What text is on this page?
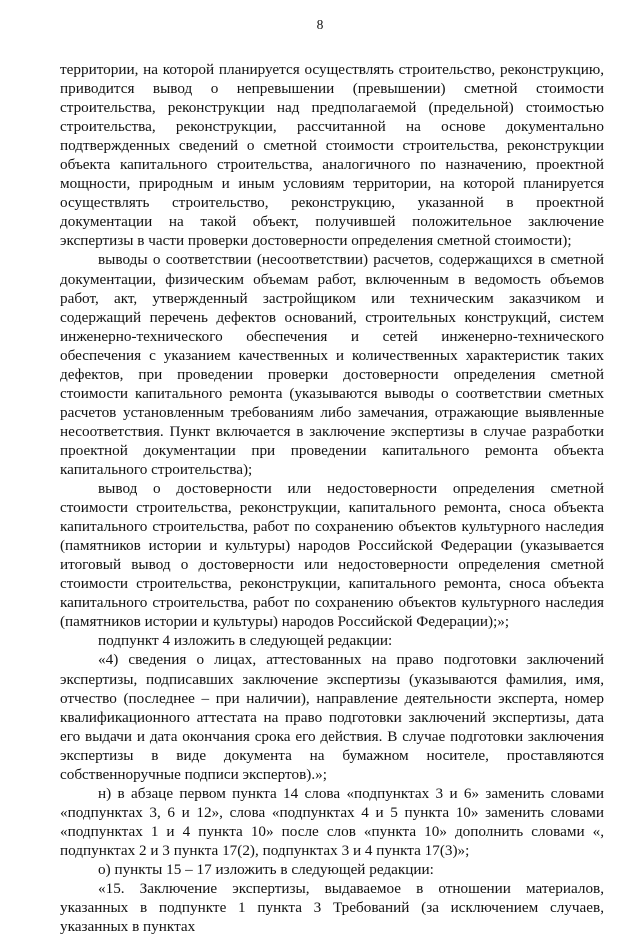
8

территории, на которой планируется осуществлять строительство, реконструкцию, приводится вывод о непревышении (превышении) сметной стоимости строительства, реконструкции над предполагаемой (предельной) стоимостью строительства, реконструкции, рассчитанной на основе документально подтвержденных сведений о сметной стоимости строительства, реконструкции объекта капитального строительства, аналогичного по назначению, проектной мощности, природным и иным условиям территории, на которой планируется осуществлять строительство, реконструкцию, указанной в проектной документации на такой объект, получившей положительное заключение экспертизы в части проверки достоверности определения сметной стоимости);

выводы о соответствии (несоответствии) расчетов, содержащихся в сметной документации, физическим объемам работ, включенным в ведомость объемов работ, акт, утвержденный застройщиком или техническим заказчиком и содержащий перечень дефектов оснований, строительных конструкций, систем инженерно-технического обеспечения и сетей инженерно-технического обеспечения с указанием качественных и количественных характеристик таких дефектов, при проведении проверки достоверности определения сметной стоимости капитального ремонта (указываются выводы о соответствии сметных расчетов установленным требованиям либо замечания, отражающие выявленные несоответствия. Пункт включается в заключение экспертизы в случае разработки проектной документации при проведении капитального ремонта объекта капитального строительства);

вывод о достоверности или недостоверности определения сметной стоимости строительства, реконструкции, капитального ремонта, сноса объекта капитального строительства, работ по сохранению объектов культурного наследия (памятников истории и культуры) народов Российской Федерации (указывается итоговый вывод о достоверности или недостоверности определения сметной стоимости строительства, реконструкции, капитального ремонта, сноса объекта капитального строительства, работ по сохранению объектов культурного наследия (памятников истории и культуры) народов Российской Федерации);»;

подпункт 4 изложить в следующей редакции:

«4) сведения о лицах, аттестованных на право подготовки заключений экспертизы, подписавших заключение экспертизы (указываются фамилия, имя, отчество (последнее – при наличии), направление деятельности эксперта, номер квалификационного аттестата на право подготовки заключений экспертизы, дата его выдачи и дата окончания срока его действия. В случае подготовки заключения экспертизы в виде документа на бумажном носителе, проставляются собственноручные подписи экспертов).»;

н) в абзаце первом пункта 14 слова «подпунктах 3 и 6» заменить словами «подпунктах 3, 6 и 12», слова «подпунктах 4 и 5 пункта 10» заменить словами «подпунктах 1 и 4 пункта 10» после слов «пункта 10» дополнить словами «, подпунктах 2 и 3 пункта 17(2), подпунктах 3 и 4 пункта 17(3)»;

о) пункты 15 – 17 изложить в следующей редакции:

«15. Заключение экспертизы, выдаваемое в отношении материалов, указанных в подпункте 1 пункта 3 Требований (за исключением случаев, указанных в пунктах
